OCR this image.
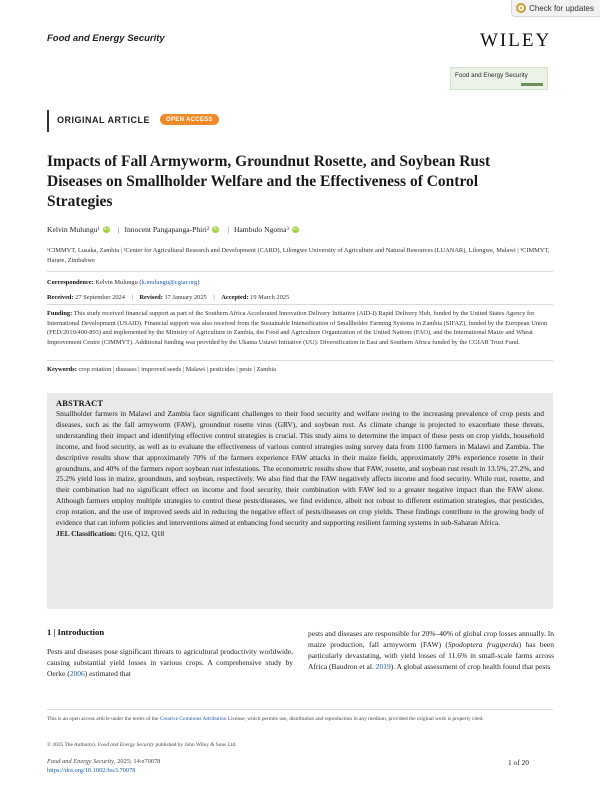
Check for updates
Food and Energy Security	WILEY
Food and Energy Security
ORIGINAL ARTICLE	OPEN ACCESS
Impacts of Fall Armyworm, Groundnut Rosette, and Soybean Rust Diseases on Smallholder Welfare and the Effectiveness of Control Strategies
Kelvin Mulungu 1 iD | Innocent Pangapanga-Phiri 2 iD | Hambulo Ngoma 3 iD
¹CIMMYT, Lusaka, Zambia | ²Center for Agricultural Research and Development (CARD), Lilongwe University of Agriculture and Natural Resources (LUANAR), Lilongwe, Malawi | ³CIMMYT, Harare, Zimbabwe
Correspondence: Kelvin Mulungu (k.mulungu@cgiar.org)
Received: 27 September 2024 | Revised: 17 January 2025 | Accepted: 19 March 2025
Funding: This study received financial support as part of the Southern Africa Accelerated Innovation Delivery Initiative (AID-I) Rapid Delivery Hub, funded by the United States Agency for International Development (USAID). Financial support was also received from the Sustainable Intensification of Smallholder Farming Systems in Zambia (SIFAZ), funded by the European Union (FED/2019/400-893) and implemented by the Ministry of Agriculture in Zambia, the Food and Agriculture Organization of the United Nations (FAO), and the International Maize and Wheat Improvement Centre (CIMMYT). Additional funding was provided by the Ukama Ustawi Initiative (UU): Diversification in East and Southern Africa funded by the CGIAR Trust Fund.
Keywords: crop rotation | diseases | improved seeds | Malawi | pesticides | pests | Zambia
ABSTRACT

Smallholder farmers in Malawi and Zambia face significant challenges to their food security and welfare owing to the increasing prevalence of crop pests and diseases, such as the fall armyworm (FAW), groundnut rosette virus (GRV), and soybean rust. As climate change is projected to exacerbate these threats, understanding their impact and identifying effective control strategies is crucial. This study aims to determine the impact of these pests on crop yields, household income, and food security, as well as to evaluate the effectiveness of various control strategies using survey data from 1100 farmers in Malawi and Zambia. The descriptive results show that approximately 70% of the farmers experience FAW attacks in their maize fields, approximately 28% experience rosette in their groundnuts, and 40% of the farmers report soybean rust infestations. The econometric results show that FAW, rosette, and soybean rust result in 13.5%, 27.2%, and 25.2% yield loss in maize, groundnuts, and soybean, respectively. We also find that the FAW negatively affects income and food security. While rust, rosette, and their combination had no significant effect on income and food security, their combination with FAW led to a greater negative impact than the FAW alone. Although farmers employ multiple strategies to control these pests/diseases, we find evidence, albeit not robust to different estimation strategies, that pesticides, crop rotation, and the use of improved seeds aid in reducing the negative effect of pests/diseases on crop yields. These findings contribute to the growing body of evidence that can inform policies and interventions aimed at enhancing food security and supporting resilient farming systems in sub-Saharan Africa.

JEL Classification: Q16, Q12, Q18

1 | Introduction
Pests and diseases pose significant threats to agricultural productivity worldwide, causing substantial yield losses in various crops. A comprehensive study by Oerke (2006) estimated that
pests and diseases are responsible for 20%–40% of global crop losses annually. In maize production, fall armyworm (FAW) (Spodoptera frugiperda) has been particularly devastating, with yield losses of 11.6% in small-scale farms across Africa (Baudron et al. 2019). A global assessment of crop health found that pests
This is an open access article under the terms of the Creative Commons Attribution License, which permits use, distribution and reproduction in any medium, provided the original work is properly cited.
© 2025 The Author(s). Food and Energy Security published by John Wiley & Sons Ltd.
Food and Energy Security, 2025; 14:e70078
https://doi.org/10.1002/fes3.70078
1 of 20
